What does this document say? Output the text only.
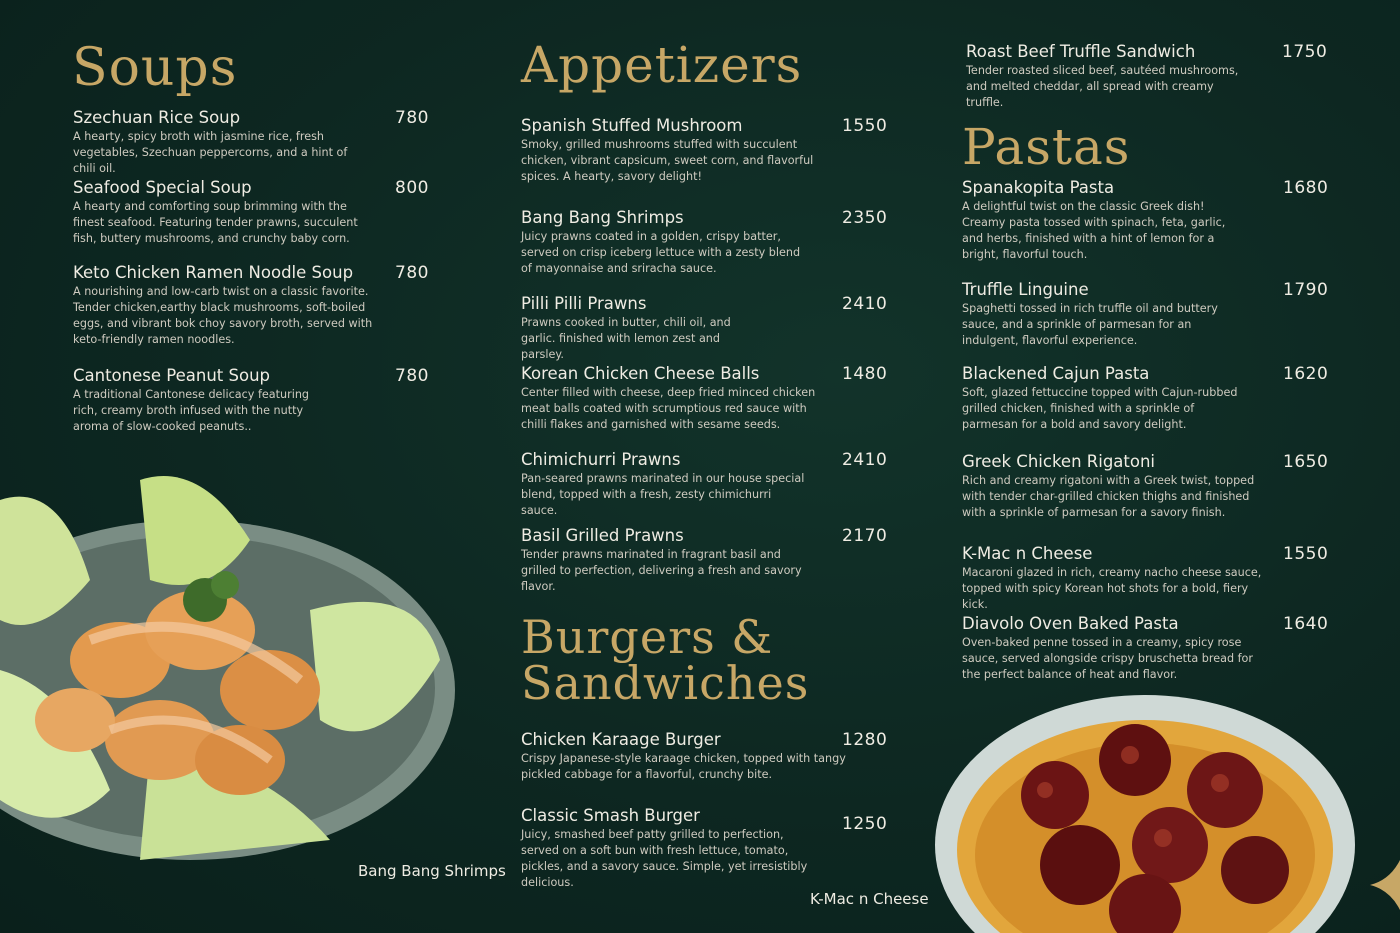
Soups
Szechuan Rice Soup	780
A hearty, spicy broth with jasmine rice, fresh vegetables, Szechuan peppercorns, and a hint of chili oil.
Seafood Special Soup	800
A hearty and comforting soup brimming with the finest seafood. Featuring tender prawns, succulent fish, buttery mushrooms, and crunchy baby corn.
Keto Chicken Ramen Noodle Soup	780
A nourishing and low-carb twist on a classic favorite. Tender chicken,earthy black mushrooms, soft-boiled eggs, and vibrant bok choy savory broth, served with keto-friendly ramen noodles.
Cantonese Peanut Soup	780
A traditional Cantonese delicacy featuring rich, creamy broth infused with the nutty aroma of slow-cooked peanuts..
Bang Bang Shrimps
Appetizers
Spanish Stuffed Mushroom	1550
Smoky, grilled mushrooms stuffed with succulent chicken, vibrant capsicum, sweet corn, and flavorful spices. A hearty, savory delight!
Bang Bang Shrimps	2350
Juicy prawns coated in a golden, crispy batter, served on crisp iceberg lettuce with a zesty blend of mayonnaise and sriracha sauce.
Pilli Pilli Prawns	2410
Prawns cooked in butter, chili oil, and garlic. finished with lemon zest and parsley.
Korean Chicken Cheese Balls	1480
Center filled with cheese, deep fried minced chicken meat balls coated with scrumptious red sauce with chilli flakes and garnished with sesame seeds.
Chimichurri Prawns	2410
Pan-seared prawns marinated in our house special blend, topped with a fresh, zesty chimichurri sauce.
Basil Grilled Prawns	2170
Tender prawns marinated in fragrant basil and grilled to perfection, delivering a fresh and savory flavor.
Burgers &
Sandwiches
Chicken Karaage Burger	1280
Crispy Japanese-style karaage chicken, topped with tangy pickled cabbage for a flavorful, crunchy bite.
Classic Smash Burger	1250
Juicy, smashed beef patty grilled to perfection, served on a soft bun with fresh lettuce, tomato, pickles, and a savory sauce. Simple, yet irresistibly delicious.
K-Mac n Cheese
Roast Beef Truffle Sandwich	1750
Tender roasted sliced beef, sautéed mushrooms, and melted cheddar, all spread with creamy truffle.
Pastas
Spanakopita Pasta	1680
A delightful twist on the classic Greek dish! Creamy pasta tossed with spinach, feta, garlic, and herbs, finished with a hint of lemon for a bright, flavorful touch.
Truffle Linguine	1790
Spaghetti tossed in rich truffle oil and buttery sauce, and a sprinkle of parmesan for an indulgent, flavorful experience.
Blackened Cajun Pasta	1620
Soft, glazed fettuccine topped with Cajun-rubbed grilled chicken, finished with a sprinkle of parmesan for a bold and savory delight.
Greek Chicken Rigatoni	1650
Rich and creamy rigatoni with a Greek twist, topped with tender char-grilled chicken thighs and finished with a sprinkle of parmesan for a savory finish.
K-Mac n Cheese	1550
Macaroni glazed in rich, creamy nacho cheese sauce, topped with spicy Korean hot shots for a bold, fiery kick.
Diavolo Oven Baked Pasta	1640
Oven-baked penne tossed in a creamy, spicy rose sauce, served alongside crispy bruschetta bread for the perfect balance of heat and flavor.
